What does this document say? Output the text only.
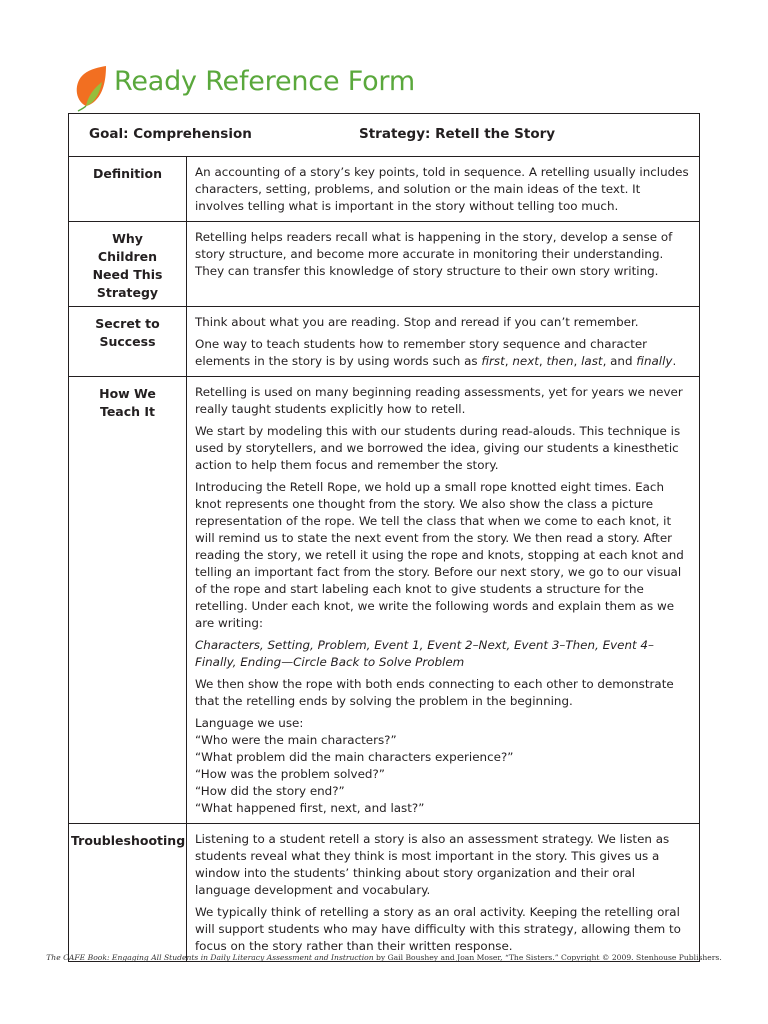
Ready Reference Form
Goal: Comprehension	Strategy: Retell the Story
Definition	An accounting of a story’s key points, told in sequence. A retelling usually includes characters, setting, problems, and solution or the main ideas of the text. It involves telling what is important in the story without telling too much.

Why Children Need This Strategy

Retelling helps readers recall what is happening in the story, develop a sense of story structure, and become more accurate in monitoring their understanding. They can transfer this knowledge of story structure to their own story writing.

Secret to Success

Think about what you are reading. Stop and reread if you can’t remember.

One way to teach students how to remember story sequence and character elements in the story is by using words such as first, next, then, last, and finally.

How We Teach It

Retelling is used on many beginning reading assessments, yet for years we never really taught students explicitly how to retell.

We start by modeling this with our students during read-alouds. This technique is used by storytellers, and we borrowed the idea, giving our students a kinesthetic action to help them focus and remember the story.

Introducing the Retell Rope, we hold up a small rope knotted eight times. Each knot represents one thought from the story. We also show the class a picture representation of the rope. We tell the class that when we come to each knot, it will remind us to state the next event from the story. We then read a story. After reading the story, we retell it using the rope and knots, stopping at each knot and telling an important fact from the story. Before our next story, we go to our visual of the rope and start labeling each knot to give students a structure for the retelling. Under each knot, we write the following words and explain them as we are writing:

Characters, Setting, Problem, Event 1, Event 2–Next, Event 3–Then, Event 4–Finally, Ending—Circle Back to Solve Problem

We then show the rope with both ends connecting to each other to demonstrate that the retelling ends by solving the problem in the beginning.

Language we use:
“Who were the main characters?”
“What problem did the main characters experience?”
“How was the problem solved?”
“How did the story end?”
“What happened first, next, and last?”

Troubleshooting Listening to a student retell a story is also an assessment strategy. We listen as students reveal what they think is most important in the story. This gives us a window into the students’ thinking about story organization and their oral language development and vocabulary.

We typically think of retelling a story as an oral activity. Keeping the retelling oral will support students who may have difficulty with this strategy, allowing them to focus on the story rather than their written response.

The CAFE Book: Engaging All Students in Daily Literacy Assessment and Instruction by Gail Boushey and Joan Moser, “The Sisters.” Copyright © 2009. Stenhouse Publishers.
